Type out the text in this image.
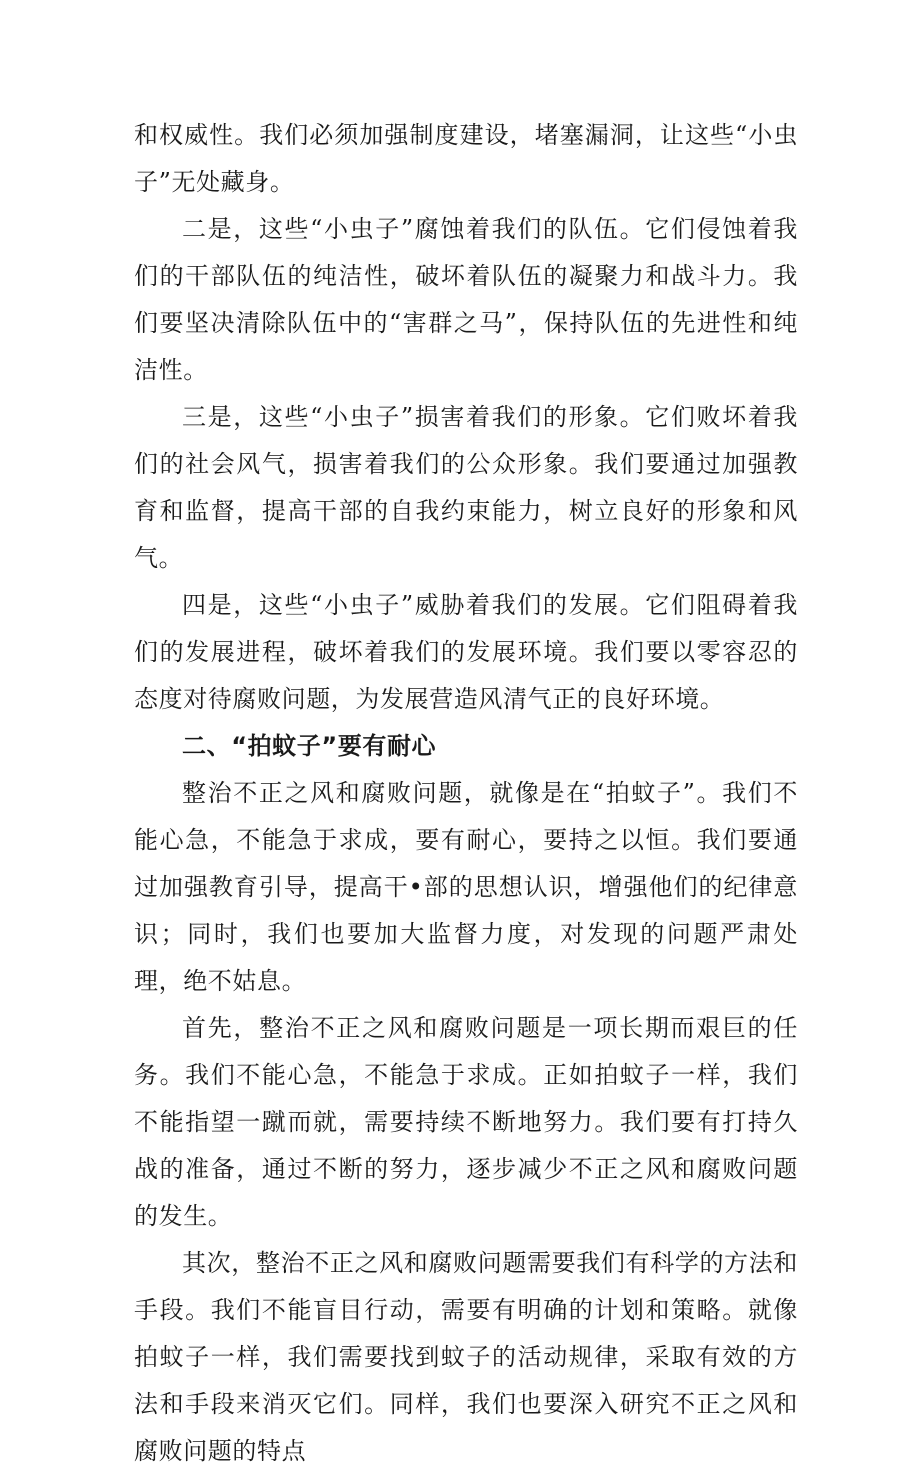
和权威性。我们必须加强制度建设，堵塞漏洞，让这些“小虫子”无处藏身。

二是，这些“小虫子”腐蚀着我们的队伍。它们侵蚀着我们的干部队伍的纯洁性，破坏着队伍的凝聚力和战斗力。我们要坚决清除队伍中的“害群之马”，保持队伍的先进性和纯洁性。

三是，这些“小虫子”损害着我们的形象。它们败坏着我们的社会风气，损害着我们的公众形象。我们要通过加强教育和监督，提高干部的自我约束能力，树立良好的形象和风气。

四是，这些“小虫子”威胁着我们的发展。它们阻碍着我们的发展进程，破坏着我们的发展环境。我们要以零容忍的态度对待腐败问题，为发展营造风清气正的良好环境。

二、“拍蚊子”要有耐心

整治不正之风和腐败问题，就像是在“拍蚊子”。我们不能心急，不能急于求成，要有耐心，要持之以恒。我们要通过加强教育引导，提高干•部的思想认识，增强他们的纪律意识；同时，我们也要加大监督力度，对发现的问题严肃处理，绝不姑息。

首先，整治不正之风和腐败问题是一项长期而艰巨的任务。我们不能心急，不能急于求成。正如拍蚊子一样，我们不能指望一蹴而就，需要持续不断地努力。我们要有打持久战的准备，通过不断的努力，逐步减少不正之风和腐败问题的发生。

其次，整治不正之风和腐败问题需要我们有科学的方法和手段。我们不能盲目行动，需要有明确的计划和策略。就像拍蚊子一样，我们需要找到蚊子的活动规律，采取有效的方法和手段来消灭它们。同样，我们也要深入研究不正之风和腐败问题的特点
